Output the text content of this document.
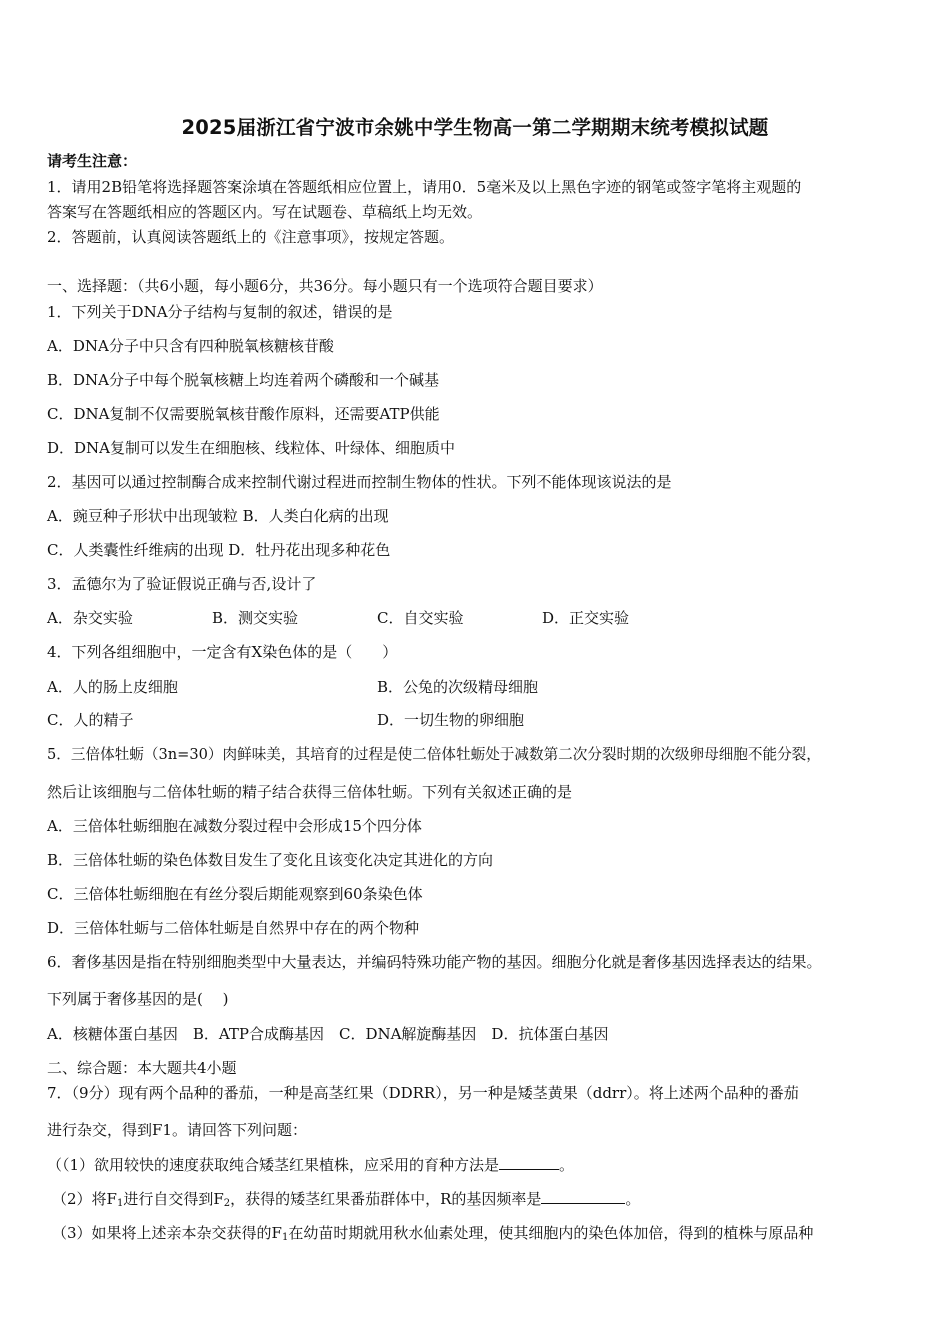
2025届浙江省宁波市余姚中学生物高一第二学期期末统考模拟试题
请考生注意：
1．请用2B铅笔将选择题答案涂填在答题纸相应位置上，请用0．5毫米及以上黑色字迹的钢笔或签字笔将主观题的
答案写在答题纸相应的答题区内。写在试题卷、草稿纸上均无效。
2．答题前，认真阅读答题纸上的《注意事项》，按规定答题。
一、选择题：（共6小题，每小题6分，共36分。每小题只有一个选项符合题目要求）
1．下列关于DNA分子结构与复制的叙述，错误的是
A．DNA分子中只含有四种脱氧核糖核苷酸
B．DNA分子中每个脱氧核糖上均连着两个磷酸和一个碱基
C．DNA复制不仅需要脱氧核苷酸作原料，还需要ATP供能
D．DNA复制可以发生在细胞核、线粒体、叶绿体、细胞质中
2．基因可以通过控制酶合成来控制代谢过程进而控制生物体的性状。下列不能体现该说法的是
A．豌豆种子形状中出现皱粒 B．人类白化病的出现
C．人类囊性纤维病的出现 D．牡丹花出现多种花色
3．孟德尔为了验证假说正确与否,设计了
A．杂交实验	B．测交实验	C．自交实验	D．正交实验
4．下列各组细胞中，一定含有X染色体的是（　　）
A．人的肠上皮细胞	B．公兔的次级精母细胞
C．人的精子	D．一切生物的卵细胞
5．三倍体牡蛎（3n=30）肉鲜味美，其培育的过程是使二倍体牡蛎处于减数第二次分裂时期的次级卵母细胞不能分裂，
然后让该细胞与二倍体牡蛎的精子结合获得三倍体牡蛎。下列有关叙述正确的是
A．三倍体牡蛎细胞在减数分裂过程中会形成15个四分体
B．三倍体牡蛎的染色体数目发生了变化且该变化决定其进化的方向
C．三倍体牡蛎细胞在有丝分裂后期能观察到60条染色体
D．三倍体牡蛎与二倍体牡蛎是自然界中存在的两个物种
6．奢侈基因是指在特别细胞类型中大量表达，并编码特殊功能产物的基因。细胞分化就是奢侈基因选择表达的结果。
下列属于奢侈基因的是(　 )
A．核糖体蛋白基因　B．ATP合成酶基因　C．DNA解旋酶基因　D．抗体蛋白基因
二、综合题：本大题共4小题
7．（9分）现有两个品种的番茄，一种是高茎红果（DDRR），另一种是矮茎黄果（ddrr）。将上述两个品种的番茄
进行杂交，得到F1。请回答下列问题：
（（1）欲用较快的速度获取纯合矮茎红果植株，应采用的育种方法是	。
（2）将$F_1$进行自交得到$F_2$，获得的矮茎红果番茄群体中，R的基因频率是	。
（3）如果将上述亲本杂交获得的$F_1$在幼苗时期就用秋水仙素处理，使其细胞内的染色体加倍，得到的植株与原品种
